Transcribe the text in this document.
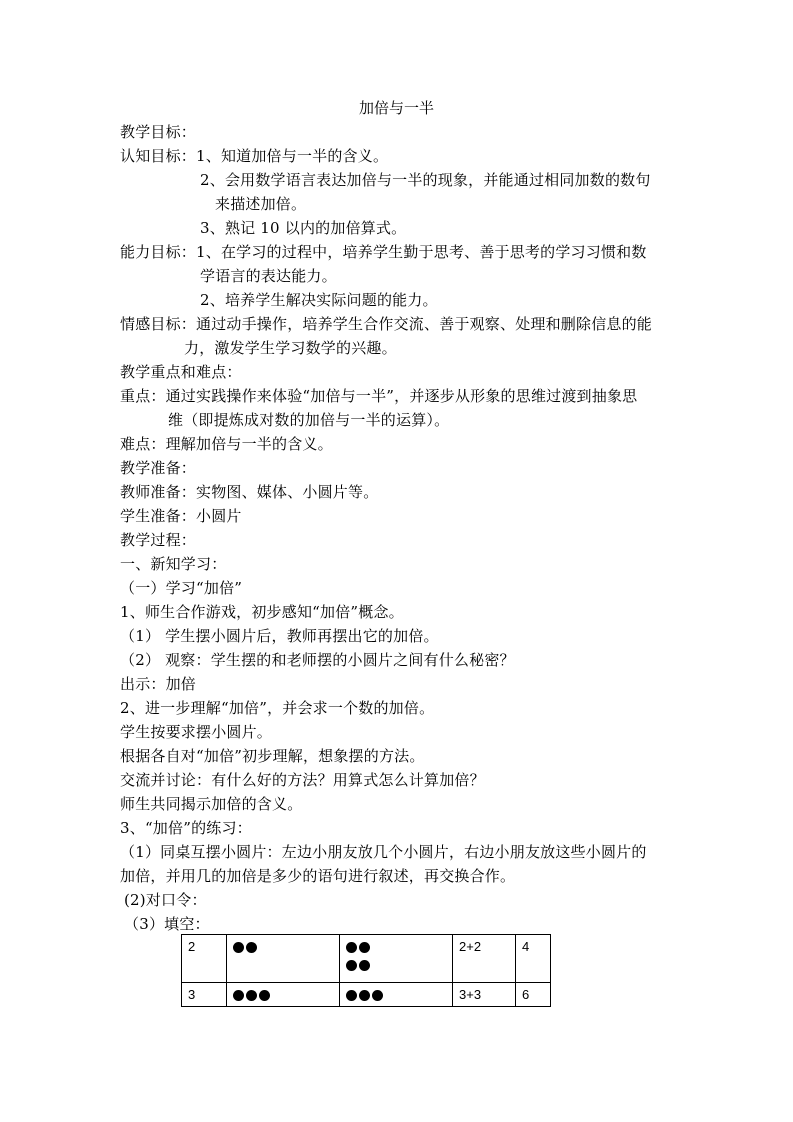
加倍与一半
教学目标：
认知目标：1、知道加倍与一半的含义。
2、会用数学语言表达加倍与一半的现象，并能通过相同加数的数句
来描述加倍。
3、熟记 10 以内的加倍算式。
能力目标：1、在学习的过程中，培养学生勤于思考、善于思考的学习习惯和数
学语言的表达能力。
2、培养学生解决实际问题的能力。
情感目标：通过动手操作，培养学生合作交流、善于观察、处理和删除信息的能
力，激发学生学习数学的兴趣。
教学重点和难点：
重点：通过实践操作来体验“加倍与一半”，并逐步从形象的思维过渡到抽象思
维（即提炼成对数的加倍与一半的运算）。
难点：理解加倍与一半的含义。
教学准备：
教师准备：实物图、媒体、小圆片等。
学生准备：小圆片
教学过程：
一、新知学习：
（一）学习“加倍”
1、师生合作游戏，初步感知“加倍”概念。
（1） 学生摆小圆片后，教师再摆出它的加倍。
（2） 观察：学生摆的和老师摆的小圆片之间有什么秘密？
出示：加倍
2、进一步理解“加倍”，并会求一个数的加倍。
学生按要求摆小圆片。
根据各自对“加倍”初步理解，想象摆的方法。
交流并讨论：有什么好的方法？用算式怎么计算加倍？
师生共同揭示加倍的含义。
3、“加倍”的练习：
（1）同桌互摆小圆片：左边小朋友放几个小圆片，右边小朋友放这些小圆片的
加倍，并用几的加倍是多少的语句进行叙述，再交换合作。
(2)对口令：
（3）填空：
2			2+2	4
3			3+3	6
